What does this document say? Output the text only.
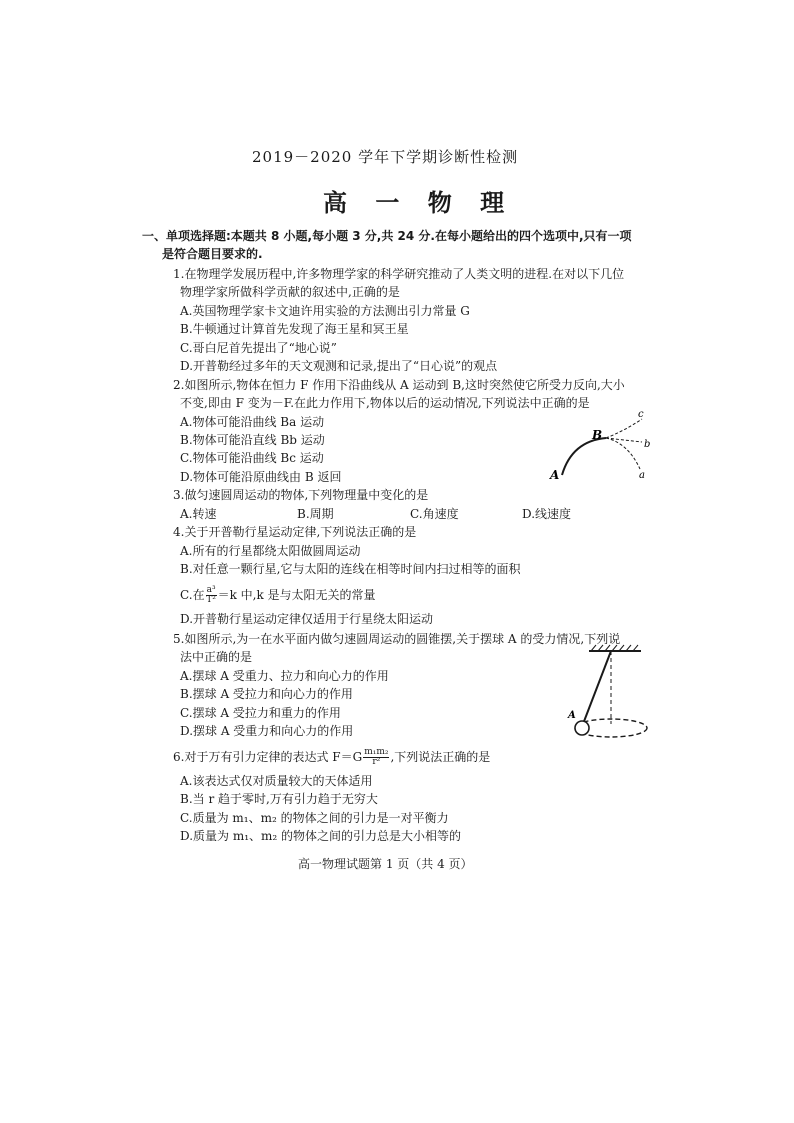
2019－2020 学年下学期诊断性检测
高 一 物 理
一、单项选择题:本题共 8 小题,每小题 3 分,共 24 分.在每小题给出的四个选项中,只有一项
是符合题目要求的.
1.在物理学发展历程中,许多物理学家的科学研究推动了人类文明的进程.在对以下几位
物理学家所做科学贡献的叙述中,正确的是
A.英国物理学家卡文迪许用实验的方法测出引力常量 G
B.牛顿通过计算首先发现了海王星和冥王星
C.哥白尼首先提出了“地心说”
D.开普勒经过多年的天文观测和记录,提出了“日心说”的观点
2.如图所示,物体在恒力 F 作用下沿曲线从 A 运动到 B,这时突然使它所受力反向,大小
不变,即由 F 变为－F.在此力作用下,物体以后的运动情况,下列说法中正确的是
A.物体可能沿曲线 Ba 运动
B.物体可能沿直线 Bb 运动
C.物体可能沿曲线 Bc 运动
D.物体可能沿原曲线由 B 返回	A
B
a
b
c
3.做匀速圆周运动的物体,下列物理量中变化的是
A.转速	B.周期	C.角速度	D.线速度
4.关于开普勒行星运动定律,下列说法正确的是
A.所有的行星都绕太阳做圆周运动
B.对任意一颗行星,它与太阳的连线在相等时间内扫过相等的面积
C.在 $\frac{\text{a³}}{\text{T²}} =k$ 中,k 是与太阳无关的常量
D.开普勒行星运动定律仅适用于行星绕太阳运动
5.如图所示,为一在水平面内做匀速圆周运动的圆锥摆,关于摆球 A 的受力情况,下列说
法中正确的是
A.摆球 A 受重力、拉力和向心力的作用
B.摆球 A 受拉力和向心力的作用
C.摆球 A 受拉力和重力的作用
D.摆球 A 受重力和向心力的作用
A
6.对于万有引力定律的表达式 $F=G \frac{\text{m₁m₂}}{\text{r²}}$ ,下列说法正确的是
A.该表达式仅对质量较大的天体适用
B.当 r 趋于零时,万有引力趋于无穷大
C.质量为 m₁、m₂ 的物体之间的引力是一对平衡力
D.质量为 m₁、m₂ 的物体之间的引力总是大小相等的
高一物理试题第 1 页（共 4 页）
